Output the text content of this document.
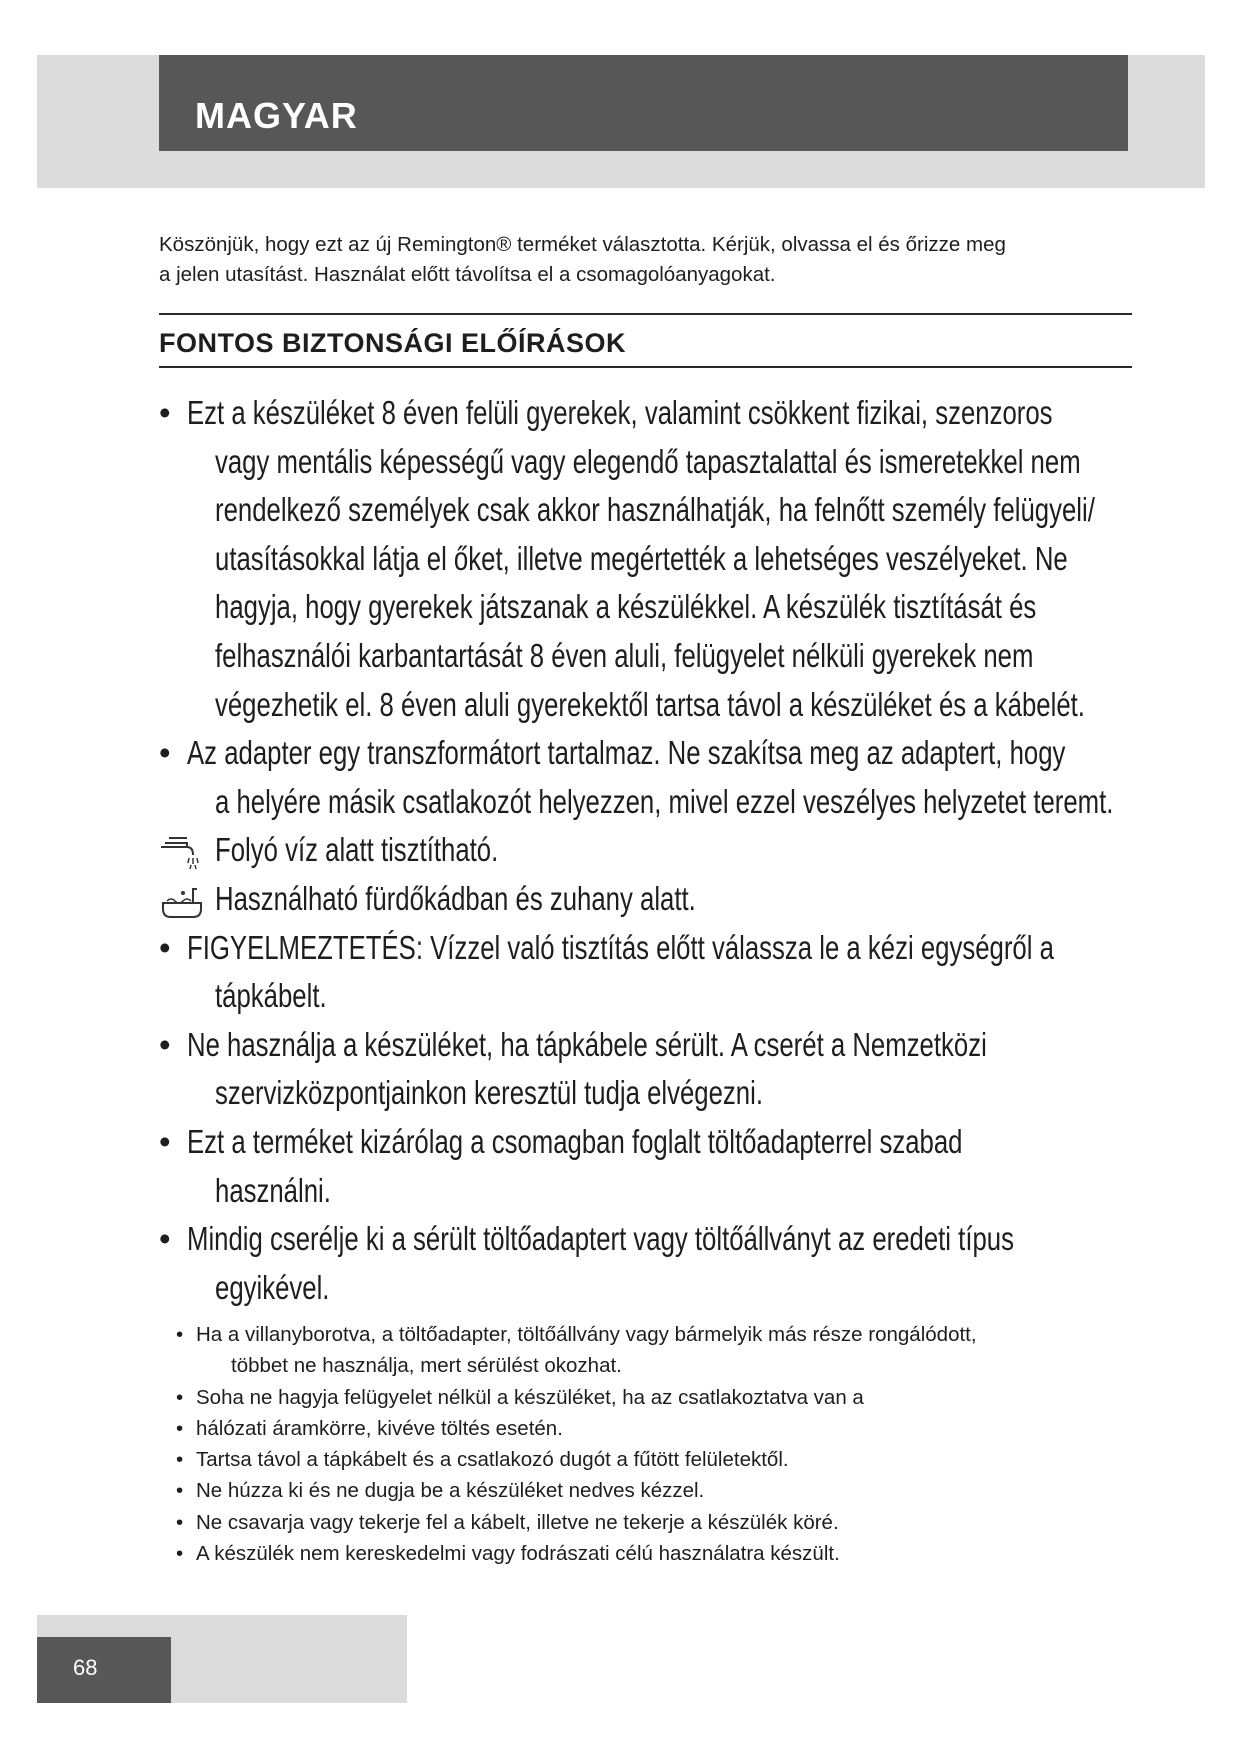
MAGYAR

Köszönjük, hogy ezt az új Remington® terméket választotta. Kérjük, olvassa el és őrizze meg
a jelen utasítást. Használat előtt távolítsa el a csomagolóanyagokat.

FONTOS BIZTONSÁGI ELŐÍRÁSOK
• Ezt a készüléket 8 éven felüli gyerekek, valamint csökkent fizikai, szenzoros
vagy mentális képességű vagy elegendő tapasztalattal és ismeretekkel nem
rendelkező személyek csak akkor használhatják, ha felnőtt személy felügyeli/
utasításokkal látja el őket, illetve megértették a lehetséges veszélyeket. Ne
hagyja, hogy gyerekek játszanak a készülékkel. A készülék tisztítását és
felhasználói karbantartását 8 éven aluli, felügyelet nélküli gyerekek nem
végezhetik el. 8 éven aluli gyerekektől tartsa távol a készüléket és a kábelét.
• Az adapter egy transzformátort tartalmaz. Ne szakítsa meg az adaptert, hogy
a helyére másik csatlakozót helyezzen, mivel ezzel veszélyes helyzetet teremt.
Folyó víz alatt tisztítható.
Használható fürdőkádban és zuhany alatt.
• FIGYELMEZTETÉS: Vízzel való tisztítás előtt válassza le a kézi egységről a
tápkábelt.
• Ne használja a készüléket, ha tápkábele sérült. A cserét a Nemzetközi
szervizközpontjainkon keresztül tudja elvégezni.
• Ezt a terméket kizárólag a csomagban foglalt töltőadapterrel szabad
használni.
• Mindig cserélje ki a sérült töltőadaptert vagy töltőállványt az eredeti típus
egyikével.
• Ha a villanyborotva, a töltőadapter, töltőállvány vagy bármelyik más része rongálódott,
többet ne használja, mert sérülést okozhat.
• Soha ne hagyja felügyelet nélkül a készüléket, ha az csatlakoztatva van a
• hálózati áramkörre, kivéve töltés esetén.
• Tartsa távol a tápkábelt és a csatlakozó dugót a fűtött felületektől.
• Ne húzza ki és ne dugja be a készüléket nedves kézzel.
• Ne csavarja vagy tekerje fel a kábelt, illetve ne tekerje a készülék köré.
• A készülék nem kereskedelmi vagy fodrászati célú használatra készült.

68
